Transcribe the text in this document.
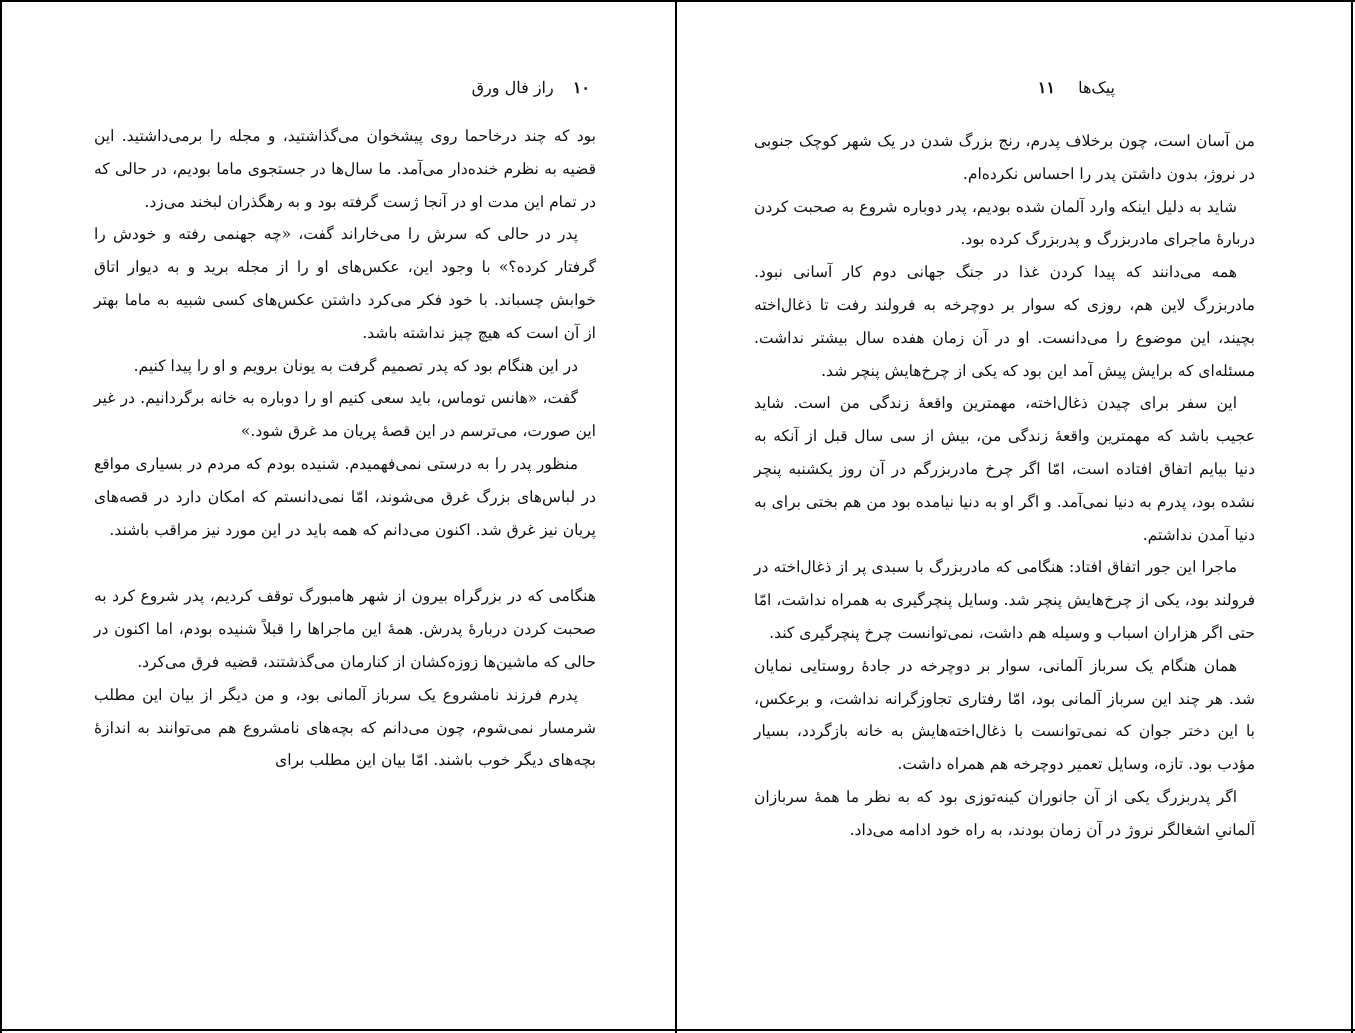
۱۰ راز فال ورق

بود که چند درخاحما روی پیشخوان می‌گذاشتید، و مجله را برمی‌داشتید. این قضیه به نظرم خنده‌دار می‌آمد. ما سال‌ها در جستجوی ماما بودیم، در حالی که در تمام این مدت او در آنجا ژست گرفته بود و به رهگذران لبخند می‌زد.

پدر در حالی که سرش را می‌خاراند گفت، «چه جهنمی رفته و خودش را گرفتار کرده؟» با وجود این، عکس‌های او را از مجله برید و به دیوار اتاق خوابش چسباند. با خود فکر می‌کرد داشتن عکس‌های کسی شبیه به ماما بهتر از آن است که هیچ چیز نداشته باشد.

در این هنگام بود که پدر تصمیم گرفت به یونان برویم و او را پیدا کنیم.

گفت، «هانس توماس، باید سعی کنیم او را دوباره به خانه برگردانیم. در غیر این صورت، می‌ترسم در این قصهٔ پریان مد غرق شود.»

منظور پدر را به درستی نمی‌فهمیدم. شنیده بودم که مردم در بسیاری مواقع در لباس‌های بزرگ غرق می‌شوند، امّا نمی‌دانستم که امکان دارد در قصه‌های پریان نیز غرق شد. اکنون می‌دانم که همه باید در این مورد نیز مراقب باشند.

هنگامی که در بزرگراه بیرون از شهر هامبورگ توقف کردیم، پدر شروع کرد به صحبت کردن دربارهٔ پدرش. همهٔ این ماجراها را قبلاً شنیده بودم، اما اکنون در حالی که ماشین‌ها زوزه‌کشان از کنارمان می‌گذشتند، قضیه فرق می‌کرد.

پدرم فرزند نامشروع یک سرباز آلمانی بود، و من دیگر از بیان این مطلب شرمسار نمی‌شوم، چون می‌دانم که بچه‌های نامشروع هم می‌توانند به اندازهٔ بچه‌های دیگر خوب باشند. امّا بیان این مطلب برای

پیک‌ها ۱۱

من آسان است، چون برخلاف پدرم، رنج بزرگ شدن در یک شهر کوچک جنوبی در نروژ، بدون داشتن پدر را احساس نکرده‌ام.

شاید به دلیل اینکه وارد آلمان شده بودیم، پدر دوباره شروع به صحبت کردن دربارهٔ ماجرای مادربزرگ و پدربزرگ کرده بود.

همه می‌دانند که پیدا کردن غذا در جنگ جهانی دوم کار آسانی نبود. مادربزرگ لاین هم، روزی که سوار بر دوچرخه به فرولند رفت تا ذغال‌اخته بچیند، این موضوع را می‌دانست. او در آن زمان هفده سال بیشتر نداشت. مسئله‌ای که برایش پیش آمد این بود که یکی از چرخ‌هایش پنچر شد.

این سفر برای چیدن ذغال‌اخته، مهمترین واقعهٔ زندگی من است. شاید عجیب باشد که مهمترین واقعهٔ زندگی من، بیش از سی سال قبل از آنکه به دنیا بیایم اتفاق افتاده است، امّا اگر چرخ مادربزرگم در آن روز یکشنبه پنچر نشده بود، پدرم به دنیا نمی‌آمد. و اگر او به دنیا نیامده بود من هم بختی برای به دنیا آمدن نداشتم.

ماجرا این جور اتفاق افتاد: هنگامی که مادربزرگ با سبدی پر از ذغال‌اخته در فرولند بود، یکی از چرخ‌هایش پنچر شد. وسایل پنچرگیری به همراه نداشت، امّا حتی اگر هزاران اسباب و وسیله هم داشت، نمی‌توانست چرخ پنچرگیری کند.

همان هنگام یک سرباز آلمانی، سوار بر دوچرخه در جادهٔ روستایی نمایان شد. هر چند این سرباز آلمانی بود، امّا رفتاری تجاوزگرانه نداشت، و برعکس، با این دختر جوان که نمی‌توانست با ذغال‌اخته‌هایش به خانه بازگردد، بسیار مؤدب بود. تازه، وسایل تعمیر دوچرخه هم همراه داشت.

اگر پدربزرگ یکی از آن جانوران کینه‌توزی بود که به نظر ما همهٔ سربازان آلمانیِ اشغالگر نروژ در آن زمان بودند، به راه خود ادامه می‌داد.
